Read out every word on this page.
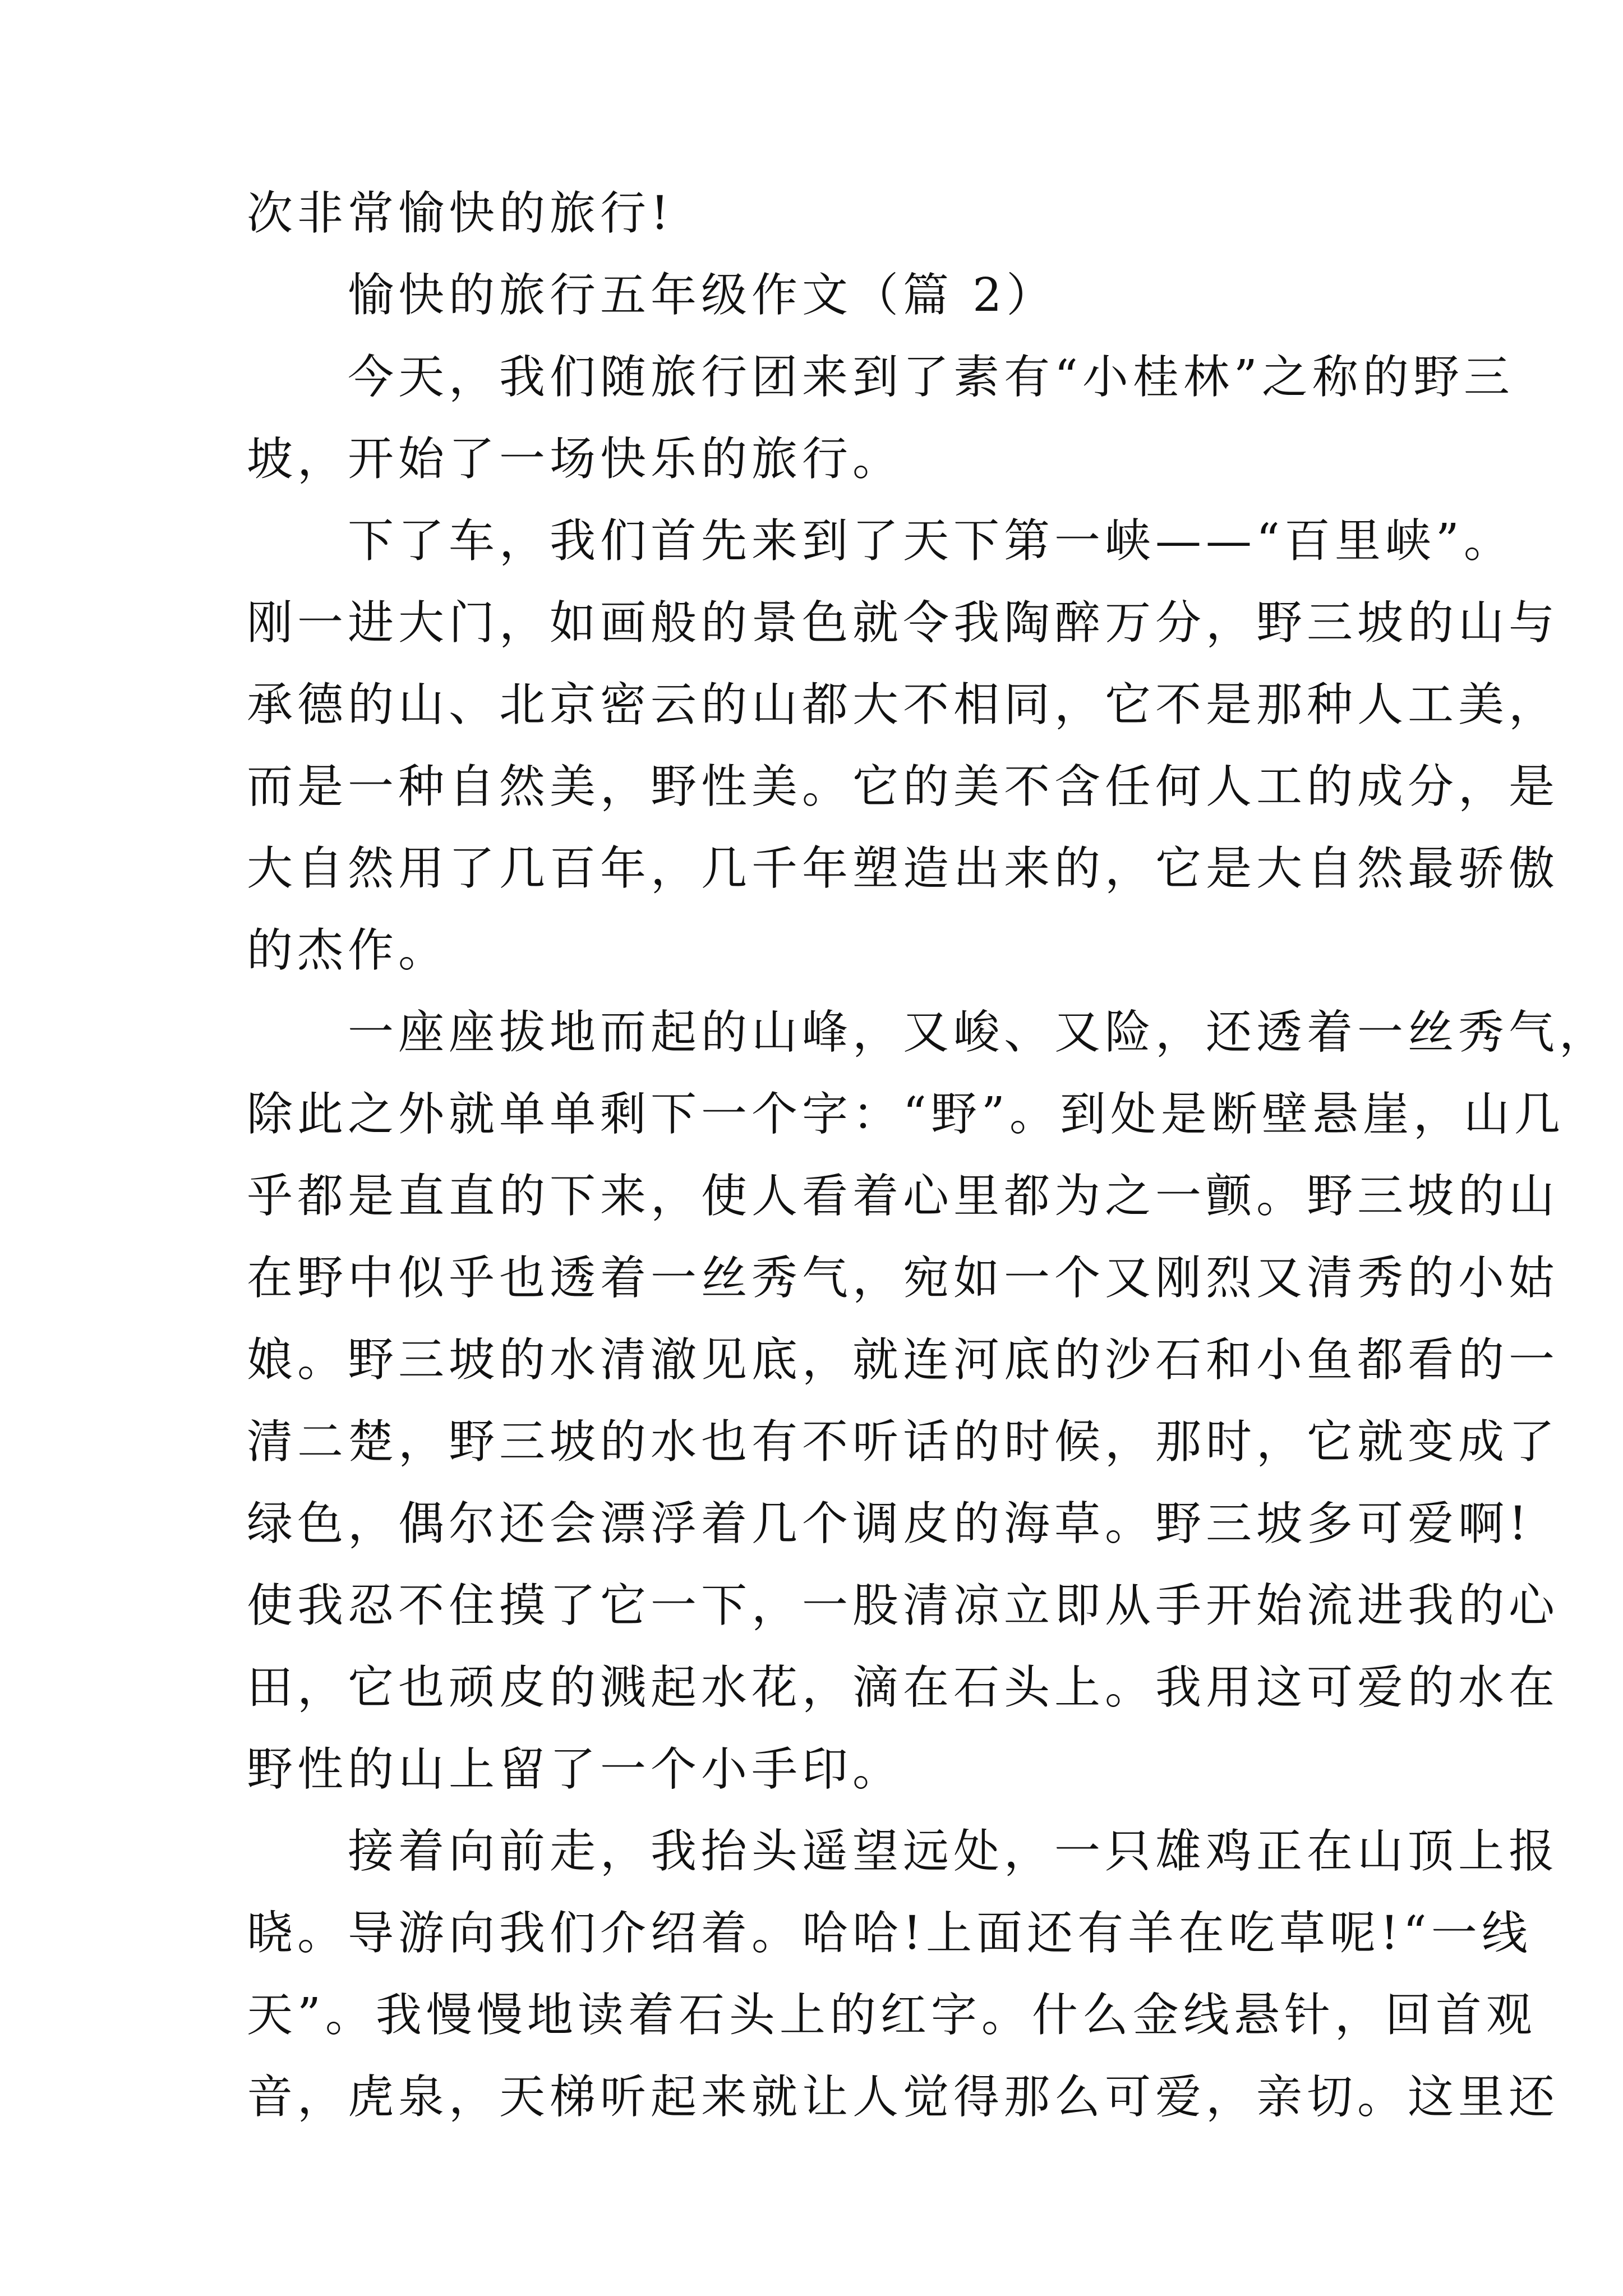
次非常愉快的旅行!
　　愉快的旅行五年级作文（篇 2）
　　今天，我们随旅行团来到了素有“小桂林”之称的野三
坡，开始了一场快乐的旅行。
　　下了车，我们首先来到了天下第一峡——“百里峡”。
刚一进大门，如画般的景色就令我陶醉万分，野三坡的山与
承德的山、北京密云的山都大不相同，它不是那种人工美，
而是一种自然美，野性美。它的美不含任何人工的成分，是
大自然用了几百年，几千年塑造出来的，它是大自然最骄傲
的杰作。
　　一座座拔地而起的山峰，又峻、又险，还透着一丝秀气，
除此之外就单单剩下一个字：“野”。到处是断壁悬崖，山几
乎都是直直的下来，使人看着心里都为之一颤。野三坡的山
在野中似乎也透着一丝秀气，宛如一个又刚烈又清秀的小姑
娘。野三坡的水清澈见底，就连河底的沙石和小鱼都看的一
清二楚，野三坡的水也有不听话的时候，那时，它就变成了
绿色，偶尔还会漂浮着几个调皮的海草。野三坡多可爱啊!
使我忍不住摸了它一下，一股清凉立即从手开始流进我的心
田，它也顽皮的溅起水花，滴在石头上。我用这可爱的水在
野性的山上留了一个小手印。
　　接着向前走，我抬头遥望远处，一只雄鸡正在山顶上报
晓。导游向我们介绍着。哈哈!上面还有羊在吃草呢!“一线
天”。我慢慢地读着石头上的红字。什么金线悬针，回首观
音，虎泉，天梯听起来就让人觉得那么可爱，亲切。这里还
